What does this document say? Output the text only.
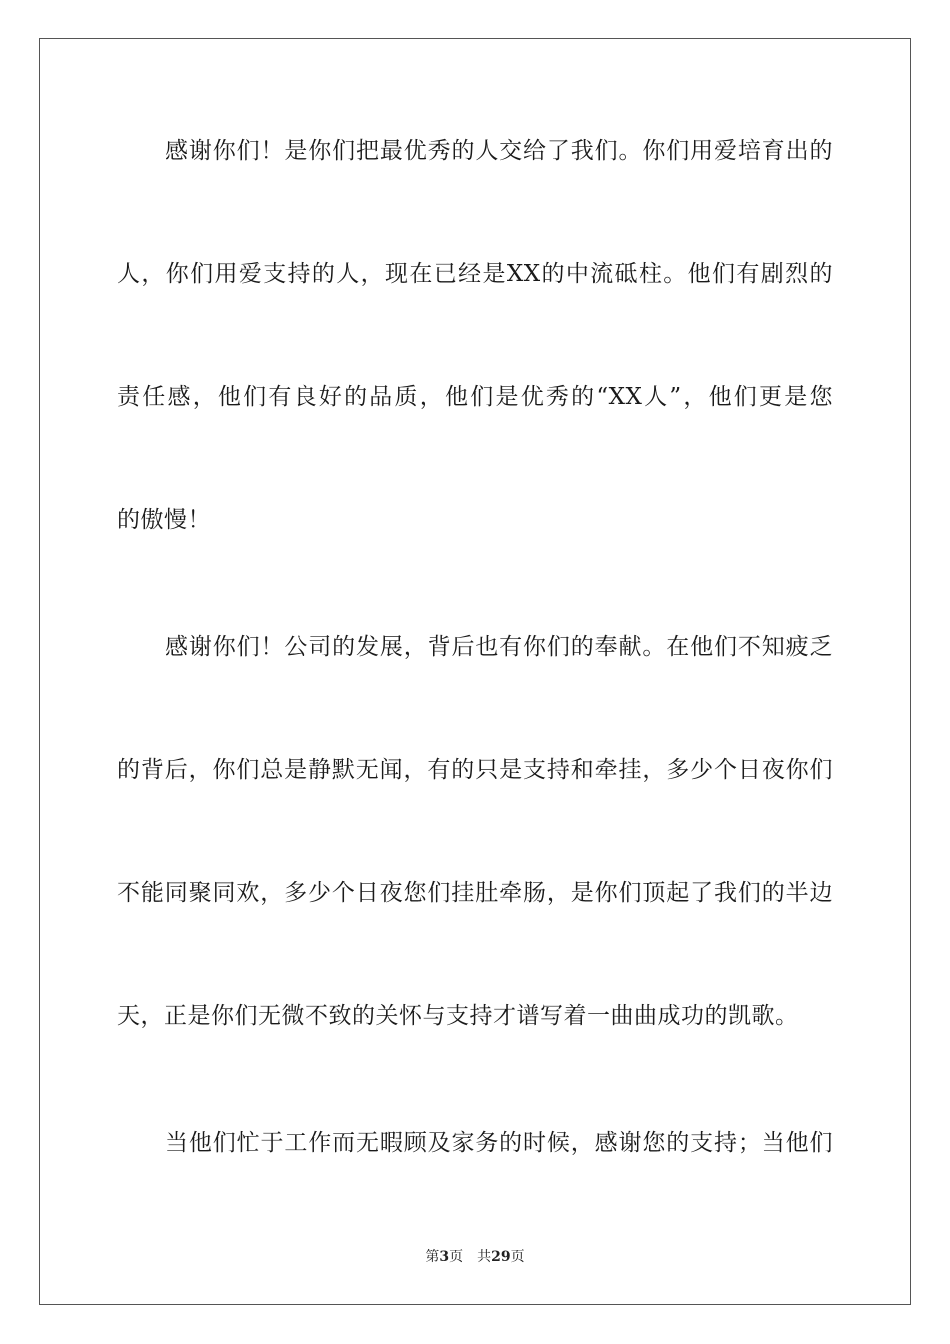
感谢你们！是你们把最优秀的人交给了我们。你们用爱培育出的
人，你们用爱支持的人，现在已经是XX的中流砥柱。他们有剧烈的
责任感，他们有良好的品质，他们是优秀的“XX人”，他们更是您
的傲慢！
感谢你们！公司的发展，背后也有你们的奉献。在他们不知疲乏
的背后，你们总是静默无闻，有的只是支持和牵挂，多少个日夜你们
不能同聚同欢，多少个日夜您们挂肚牵肠，是你们顶起了我们的半边
天，正是你们无微不致的关怀与支持才谱写着一曲曲成功的凯歌。
当他们忙于工作而无暇顾及家务的时候，感谢您的支持；当他们
第3页 共29页
